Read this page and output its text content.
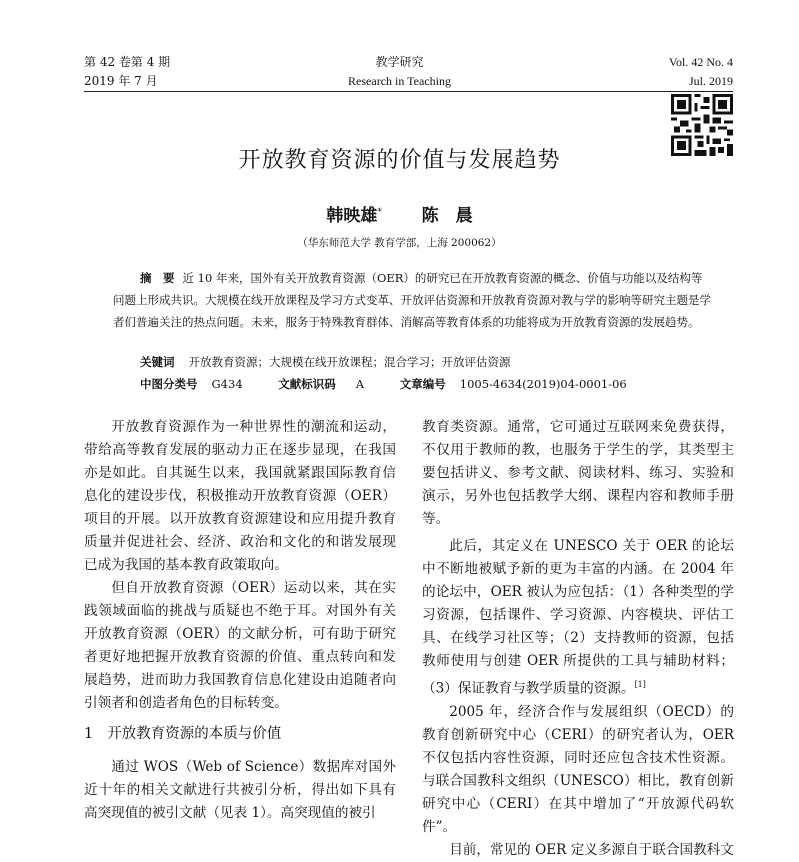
第 42 卷第 4 期
2019 年 7 月
教学研究
Research in Teaching
Vol. 42 No. 4
Jul. 2019
开放教育资源的价值与发展趋势
韩映雄* 陈　晨
（华东师范大学 教育学部，上海 200062）
摘　要 近 10 年来，国外有关开放教育资源（OER）的研究已在开放教育资源的概念、价值与功能以及结构等问题上形成共识。大规模在线开放课程及学习方式变革、开放评估资源和开放教育资源对教与学的影响等研究主题是学者们普遍关注的热点问题。未来，服务于特殊教育群体、消解高等教育体系的功能将成为开放教育资源的发展趋势。
关键词 开放教育资源；大规模在线开放课程；混合学习；开放评估资源
中图分类号 G434	文献标识码 A	文章编号 1005-4634(2019)04-0001-06

开放教育资源作为一种世界性的潮流和运动，带给高等教育发展的驱动力正在逐步显现，在我国亦是如此。自其诞生以来，我国就紧跟国际教育信息化的建设步伐，积极推动开放教育资源（OER）项目的开展。以开放教育资源建设和应用提升教育质量并促进社会、经济、政治和文化的和谐发展现已成为我国的基本教育政策取向。

但自开放教育资源（OER）运动以来，其在实践领域面临的挑战与质疑也不绝于耳。对国外有关开放教育资源（OER）的文献分析，可有助于研究者更好地把握开放教育资源的价值、重点转向和发展趋势，进而助力我国教育信息化建设由追随者向引领者和创造者角色的目标转变。

1 开放教育资源的本质与价值

通过 WOS（Web of Science）数据库对国外近十年的相关文献进行共被引分析，得出如下具有高突现值的被引文献（见表 1）。高突现值的被引

教育类资源。通常，它可通过互联网来免费获得，不仅用于教师的教，也服务于学生的学，其类型主要包括讲义、参考文献、阅读材料、练习、实验和演示，另外也包括教学大纲、课程内容和教师手册等。

此后，其定义在 UNESCO 关于 OER 的论坛中不断地被赋予新的更为丰富的内涵。在 2004 年的论坛中，OER 被认为应包括：（1）各种类型的学习资源，包括课件、学习资源、内容模块、评估工具、在线学习社区等；（2）支持教师的资源，包括教师使用与创建 OER 所提供的工具与辅助材料；（3）保证教育与教学质量的资源。[1]

2005 年，经济合作与发展组织（OECD）的教育创新研究中心（CERI）的研究者认为，OER 不仅包括内容性资源，同时还应包含技术性资源。与联合国教科文组织（UNESCO）相比，教育创新研究中心（CERI）在其中增加了“开放源代码软件”。

目前，常见的 OER 定义多源自于联合国教科文
